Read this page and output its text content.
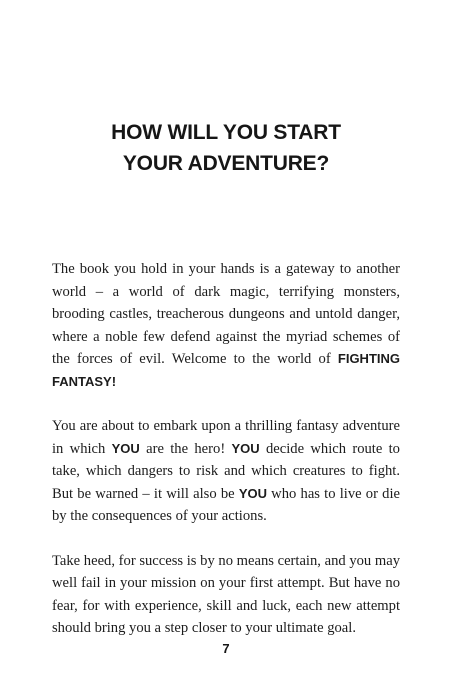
HOW WILL YOU START
YOUR ADVENTURE?

The book you hold in your hands is a gateway to another world – a world of dark magic, terrifying monsters, brooding castles, treacherous dungeons and untold danger, where a noble few defend against the myriad schemes of the forces of evil. Welcome to the world of FIGHTING FANTASY!

You are about to embark upon a thrilling fantasy adventure in which YOU are the hero! YOU decide which route to take, which dangers to risk and which creatures to fight. But be warned – it will also be YOU who has to live or die by the consequences of your actions.

Take heed, for success is by no means certain, and you may well fail in your mission on your first attempt. But have no fear, for with experience, skill and luck, each new attempt should bring you a step closer to your ultimate goal.

7
